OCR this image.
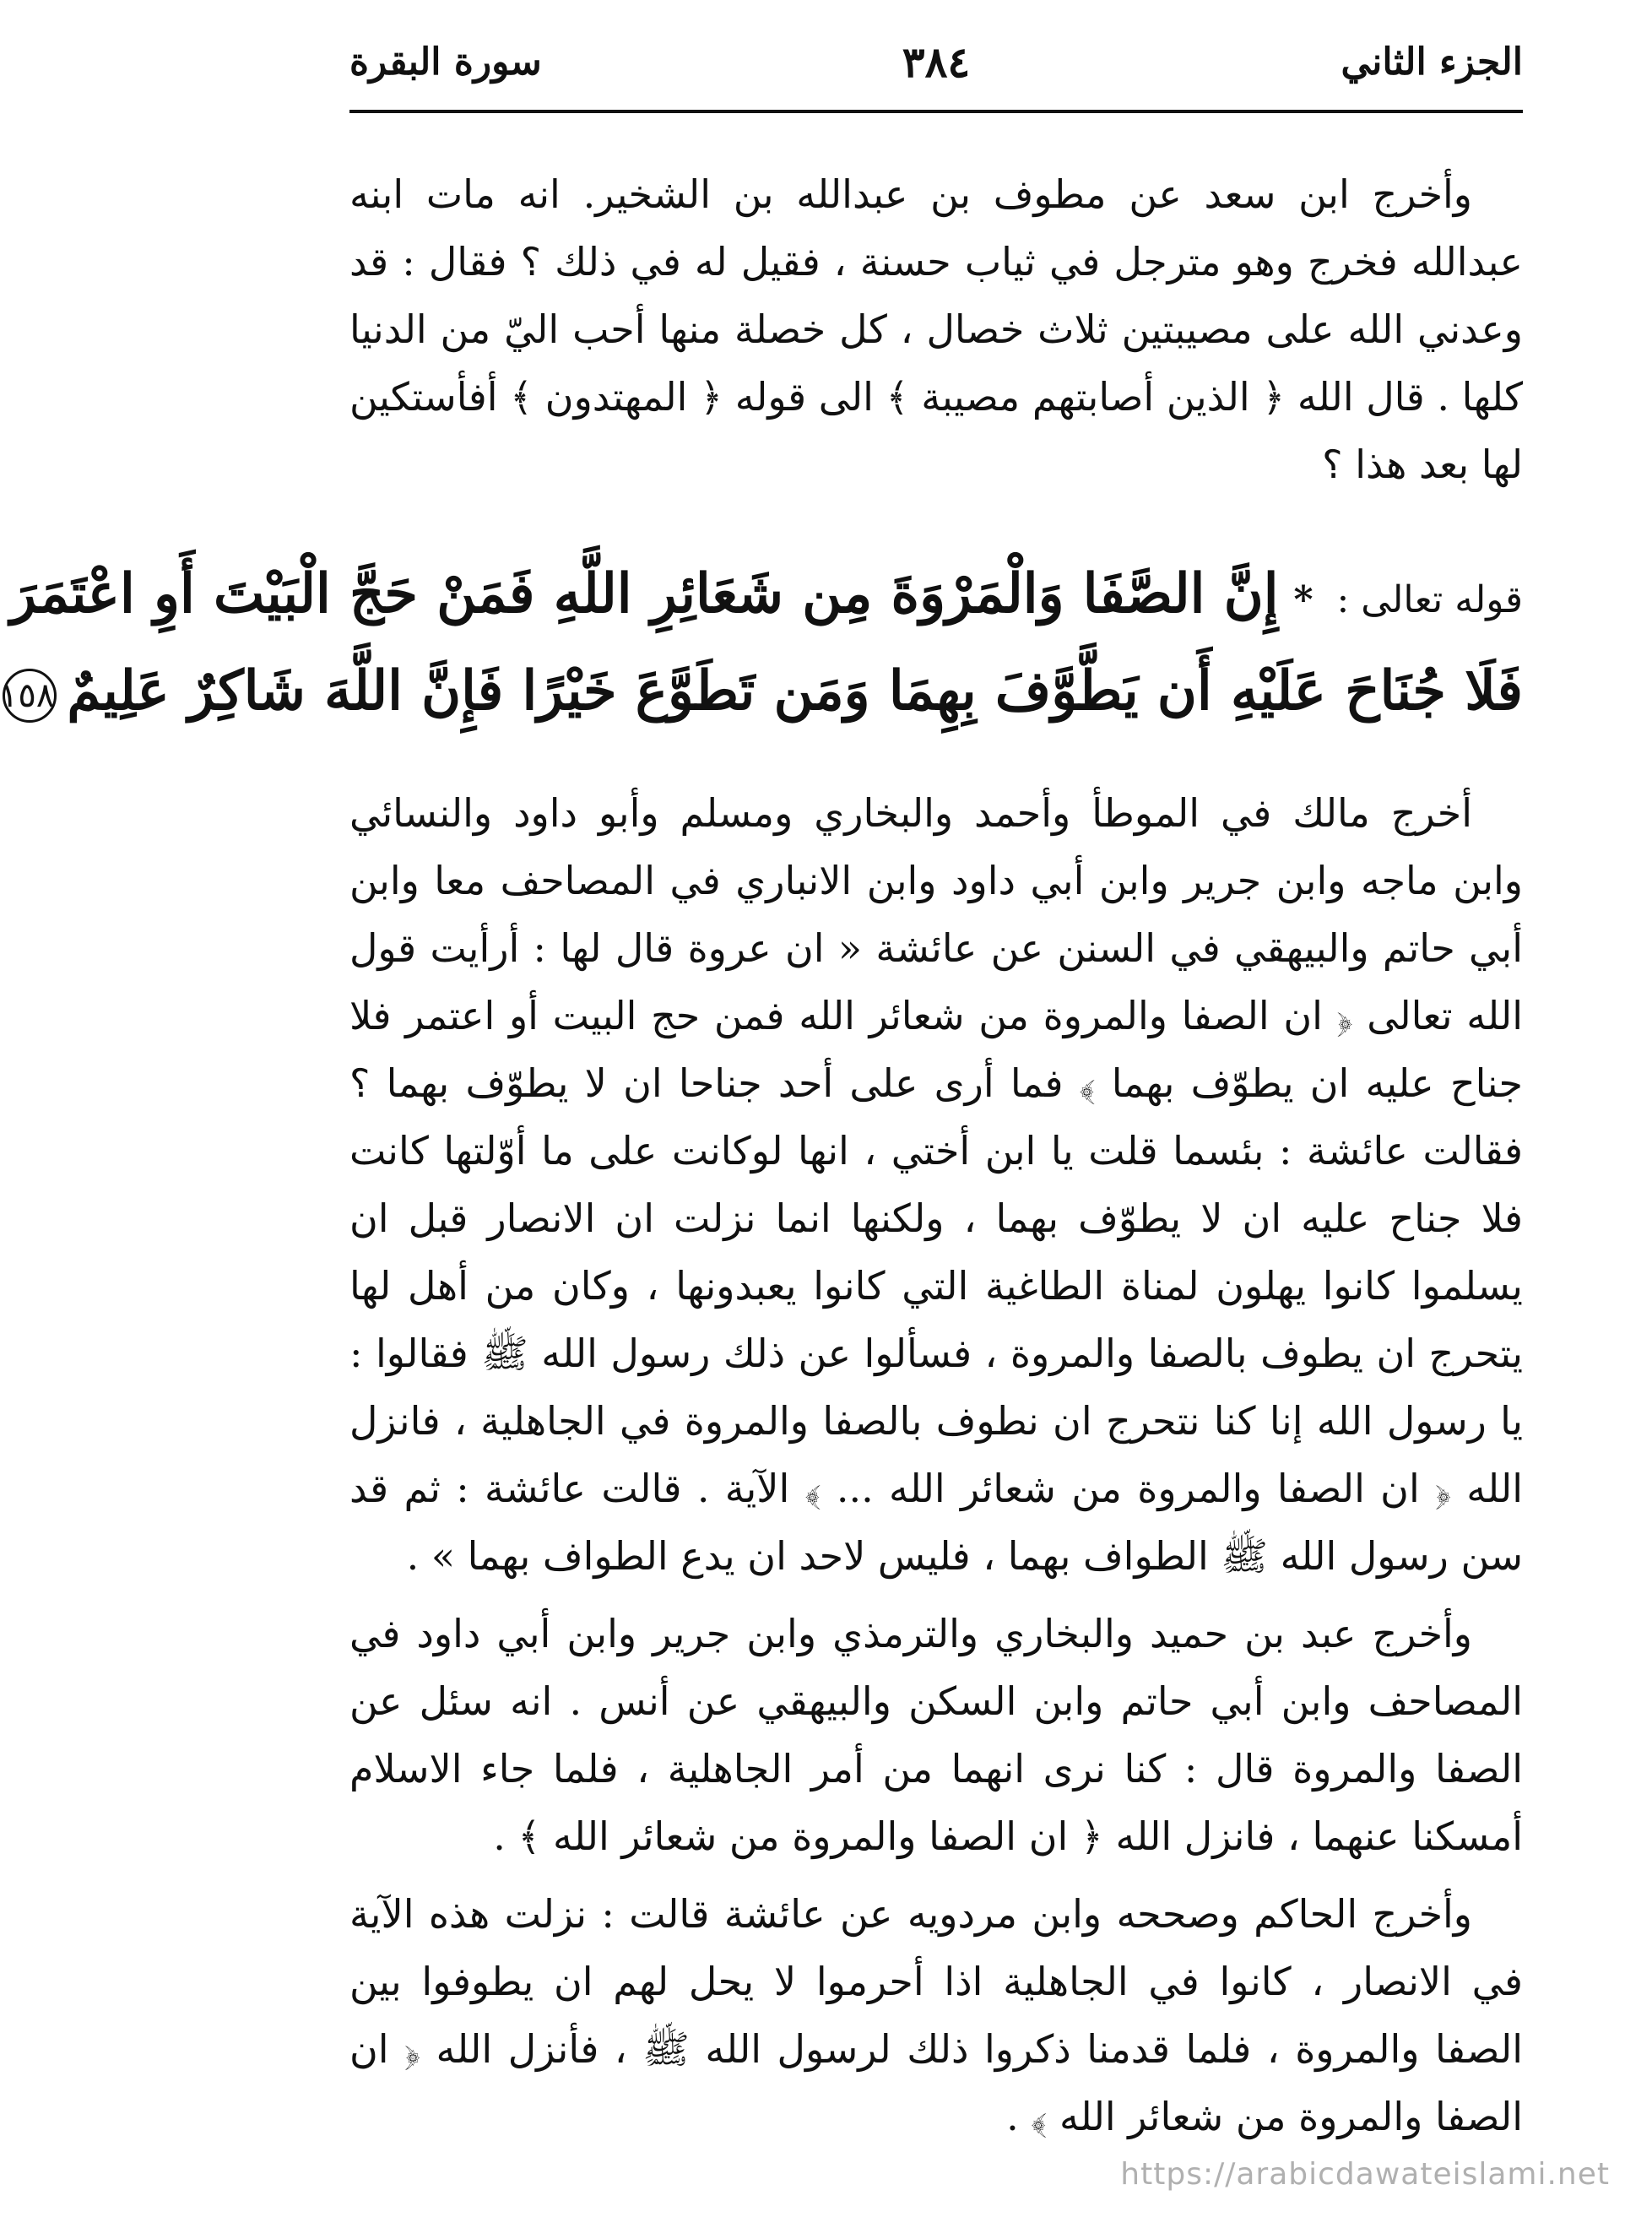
الجزء الثاني
٣٨٤
سورة البقرة

وأخرج ابن سعد عن مطوف بن عبدالله بن الشخير. انه مات ابنه عبدالله فخرج وهو مترجل في ثياب حسنة ، فقيل له في ذلك ؟ فقال : قد وعدني الله على مصيبتين ثلاث خصال ، كل خصلة منها أحب اليّ من الدنيا كلها . قال الله ﴿ الذين أصابتهم مصيبة ﴾ الى قوله ﴿ المهتدون ﴾ أفأستكين لها بعد هذا ؟

قوله تعالى :*إِنَّ الصَّفَا وَالْمَرْوَةَ مِن شَعَائِرِ اللَّهِ فَمَنْ حَجَّ الْبَيْتَ أَوِ اعْتَمَرَ
فَلَا جُنَاحَ عَلَيْهِ أَن يَطَّوَّفَ بِهِمَا وَمَن تَطَوَّعَ خَيْرًا فَإِنَّ اللَّهَ شَاكِرٌ عَلِيمٌ١٥٨

أخرج مالك في الموطأ وأحمد والبخاري ومسلم وأبو داود والنسائي وابن ماجه وابن جرير وابن أبي داود وابن الانباري في المصاحف معا وابن أبي حاتم والبيهقي في السنن عن عائشة « ان عروة قال لها : أرأيت قول الله تعالى ﴿ ان الصفا والمروة من شعائر الله فمن حج البيت أو اعتمر فلا جناح عليه ان يطوّف بهما ﴾ فما أرى على أحد جناحا ان لا يطوّف بهما ؟ فقالت عائشة : بئسما قلت يا ابن أختي ، انها لوكانت على ما أوّلتها كانت فلا جناح عليه ان لا يطوّف بهما ، ولكنها انما نزلت ان الانصار قبل ان يسلموا كانوا يهلون لمناة الطاغية التي كانوا يعبدونها ، وكان من أهل لها يتحرج ان يطوف بالصفا والمروة ، فسألوا عن ذلك رسول الله ﷺ فقالوا : يا رسول الله إنا كنا نتحرج ان نطوف بالصفا والمروة في الجاهلية ، فانزل الله ﴿ ان الصفا والمروة من شعائر الله ... ﴾ الآية . قالت عائشة : ثم قد سن رسول الله ﷺ الطواف بهما ، فليس لاحد ان يدع الطواف بهما » .

وأخرج عبد بن حميد والبخاري والترمذي وابن جرير وابن أبي داود في المصاحف وابن أبي حاتم وابن السكن والبيهقي عن أنس . انه سئل عن الصفا والمروة قال : كنا نرى انهما من أمر الجاهلية ، فلما جاء الاسلام أمسكنا عنهما ، فانزل الله ﴿ ان الصفا والمروة من شعائر الله ﴾ .

وأخرج الحاكم وصححه وابن مردويه عن عائشة قالت : نزلت هذه الآية في الانصار ، كانوا في الجاهلية اذا أحرموا لا يحل لهم ان يطوفوا بين الصفا والمروة ، فلما قدمنا ذكروا ذلك لرسول الله ﷺ ، فأنزل الله ﴿ ان الصفا والمروة من شعائر الله ﴾ .

https://arabicdawateislami.net
